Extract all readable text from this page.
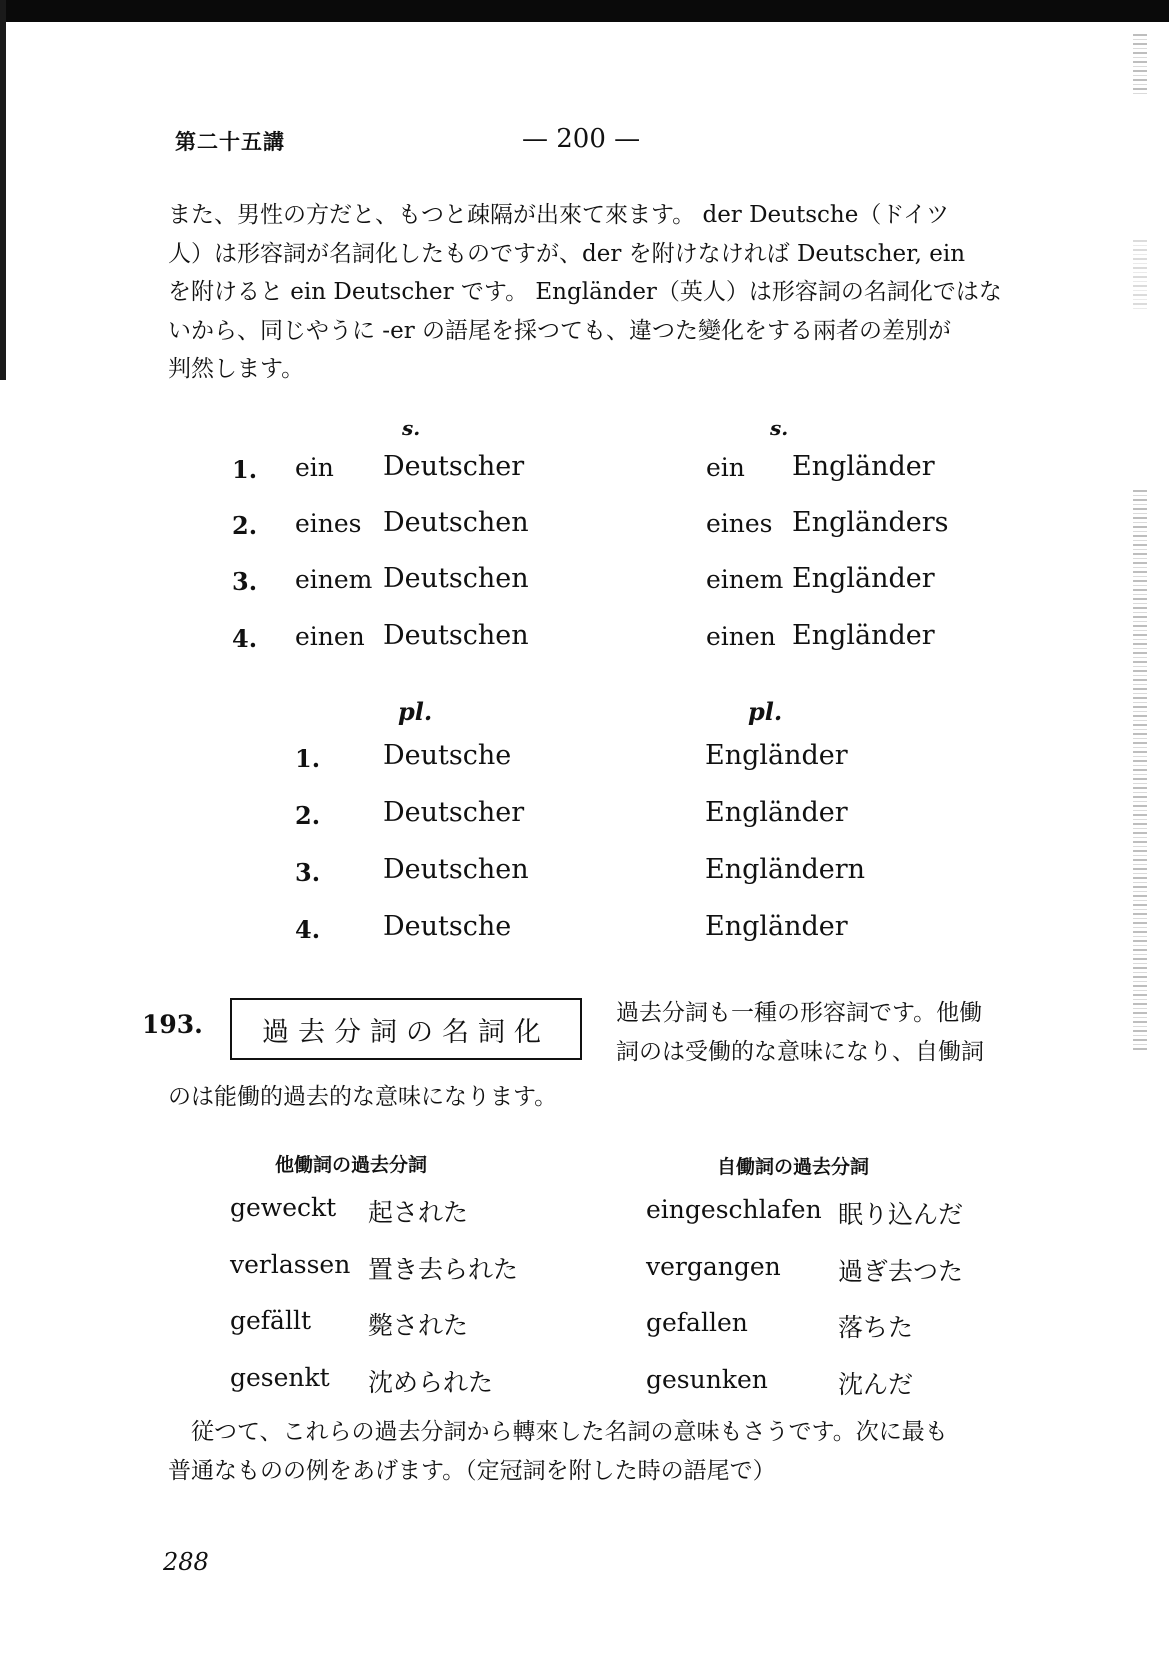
第二十五講	— 200 —

また、男性の方だと、もつと疎隔が出來て來ます。 der Deutsche（ドイツ

人）は形容詞が名詞化したものですが、der を附けなければ Deutscher, ein

を附けると ein Deutscher です。 Engländer（英人）は形容詞の名詞化ではな

いから、同じやうに -er の語尾を採つても、違つた變化をする兩者の差別が

判然します。

s.	s.
1. ein Deutscher	ein Engländer
2. eines Deutschen	eines Engländers
3. einem Deutschen	einem Engländer
4. einen Deutschen	einen Engländer
pl.	pl.
1. Deutsche	Engländer
2. Deutscher	Engländer
3. Deutschen	Engländern
4. Deutsche	Engländer
193. 過去分詞の名詞化

過去分詞も一種の形容詞です。他働

詞のは受働的な意味になり、自働詞

のは能働的過去的な意味になります。

他働詞の過去分詞	自働詞の過去分詞
geweckt 起された	eingeschlafen 眠り込んだ
verlassen 置き去られた	vergangen 過ぎ去つた
gefällt 斃された	gefallen	落ちた
gesenkt 沈められた	gesunken	沈んだ

　従つて、これらの過去分詞から轉來した名詞の意味もさうです。次に最も

普通なものの例をあげます。（定冠詞を附した時の語尾で）

288
